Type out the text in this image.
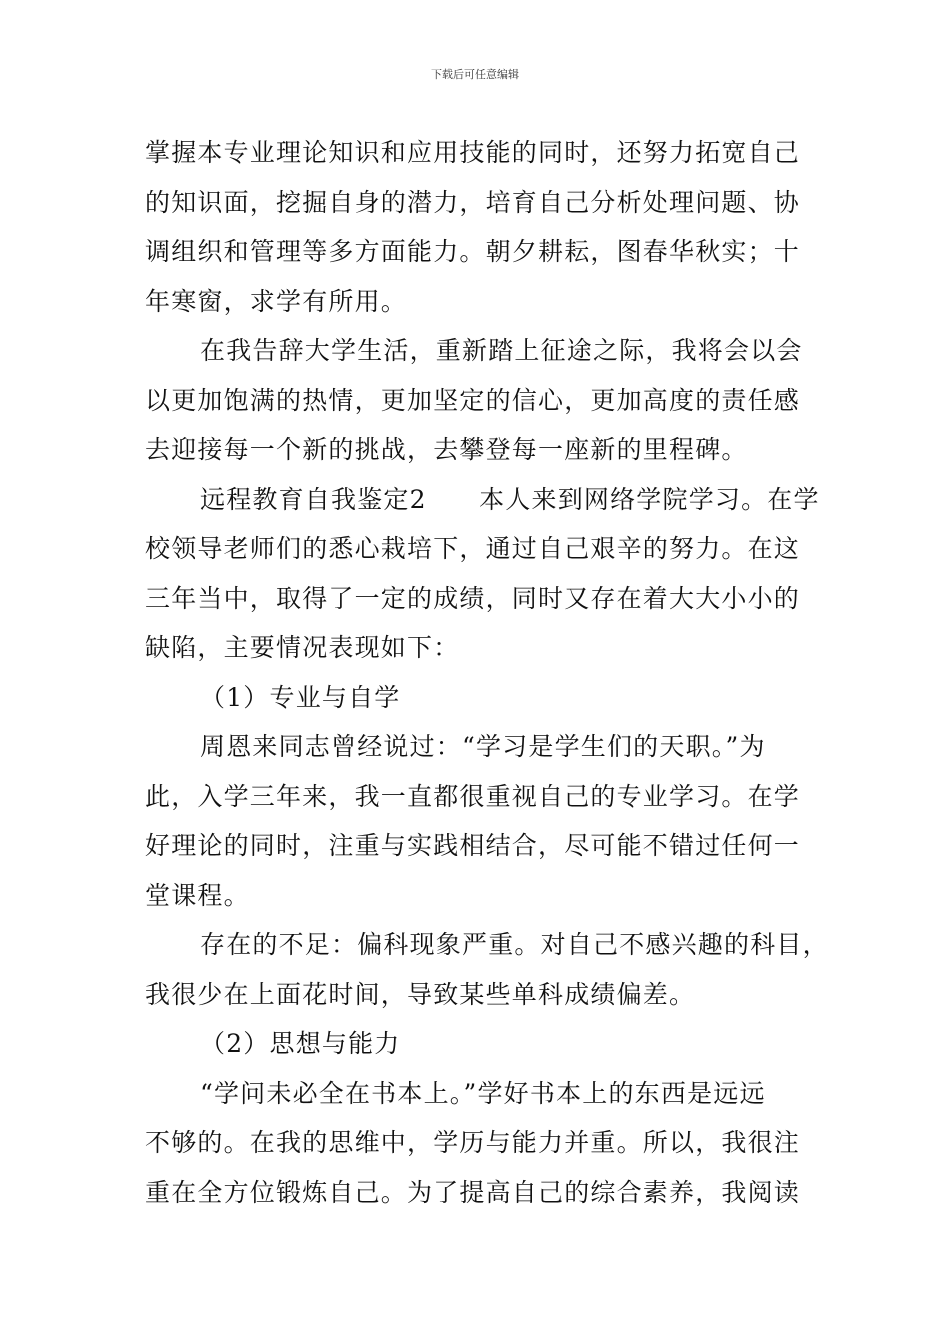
下载后可任意编辑

掌握本专业理论知识和应用技能的同时，还努力拓宽自己

的知识面，挖掘自身的潜力，培育自己分析处理问题、协

调组织和管理等多方面能力。朝夕耕耘，图春华秋实；十

年寒窗，求学有所用。

在我告辞大学生活，重新踏上征途之际，我将会以会

以更加饱满的热情，更加坚定的信心，更加高度的责任感

去迎接每一个新的挑战，去攀登每一座新的里程碑。

远程教育自我鉴定2　　本人来到网络学院学习。在学

校领导老师们的悉心栽培下，通过自己艰辛的努力。在这

三年当中，取得了一定的成绩，同时又存在着大大小小的

缺陷，主要情况表现如下：

（1）专业与自学

周恩来同志曾经说过：“学习是学生们的天职。”为

此，入学三年来，我一直都很重视自己的专业学习。在学

好理论的同时，注重与实践相结合，尽可能不错过任何一

堂课程。

存在的不足：偏科现象严重。对自己不感兴趣的科目，

我很少在上面花时间，导致某些单科成绩偏差。

（2）思想与能力

“学问未必全在书本上。”学好书本上的东西是远远

不够的。在我的思维中，学历与能力并重。所以，我很注

重在全方位锻炼自己。为了提高自己的综合素养，我阅读
